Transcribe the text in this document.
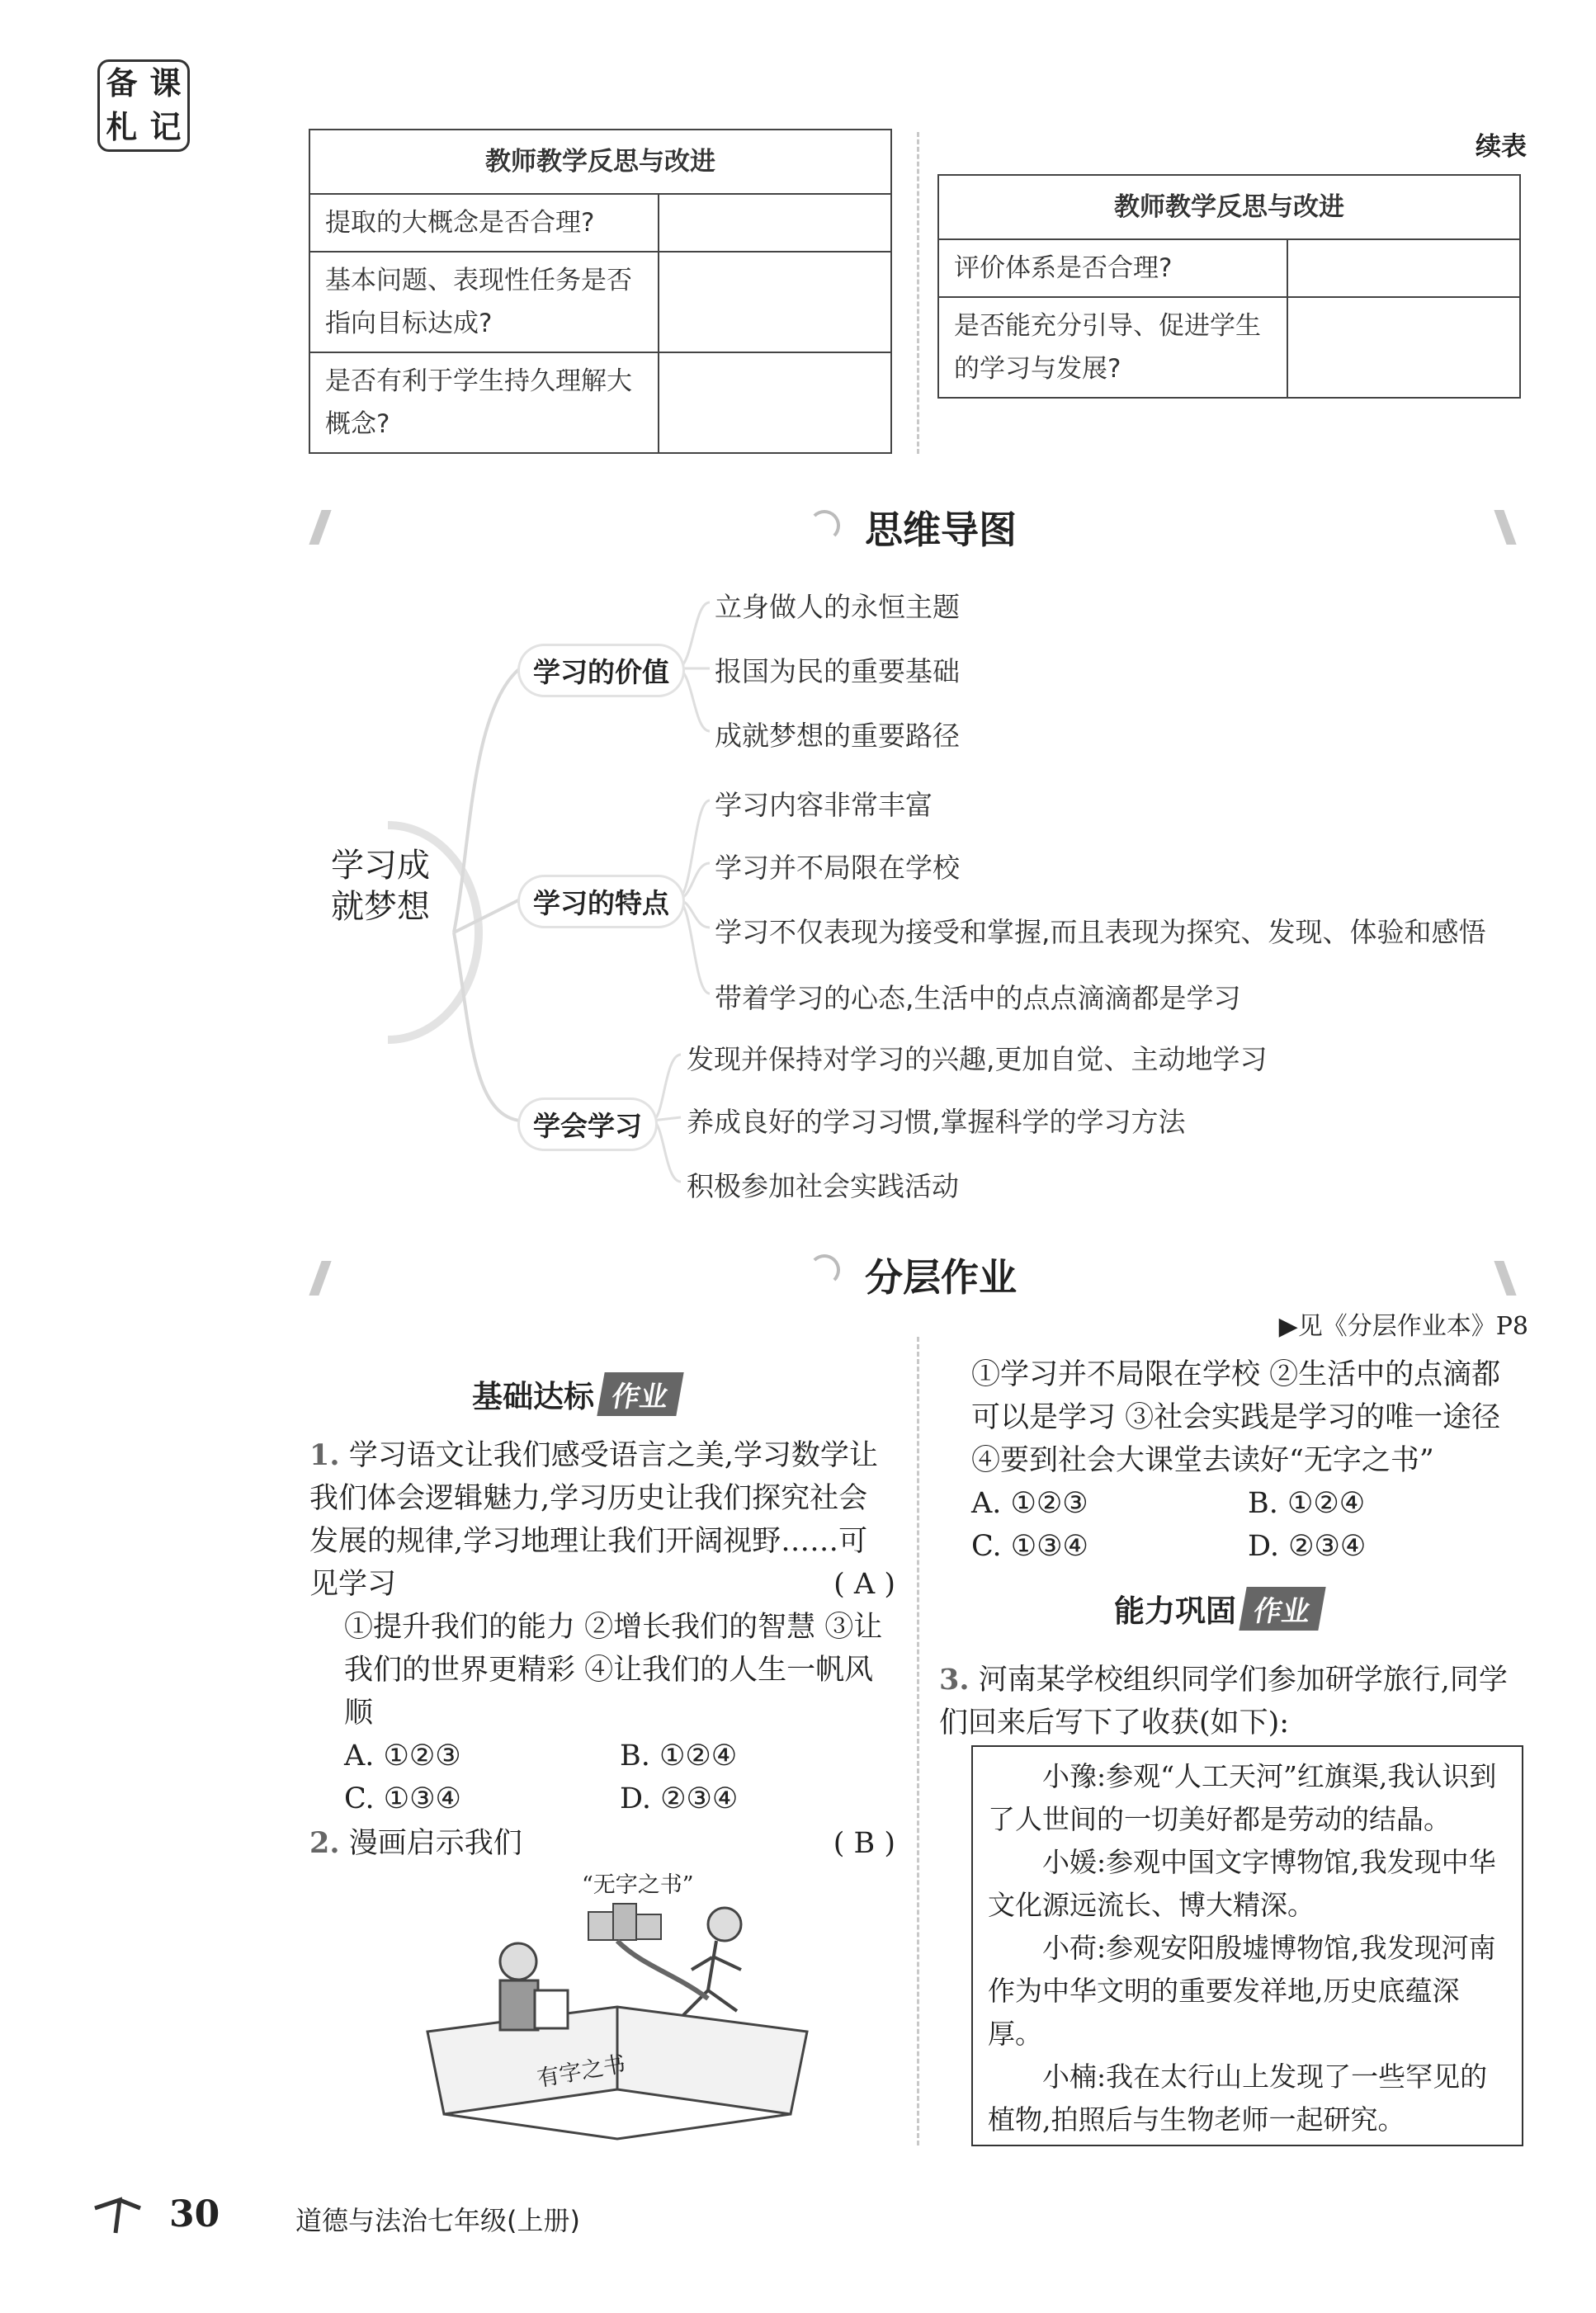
备 课
札 记
教师教学反思与改进	
提取的大概念是否合理?	
基本问题、表现性任务是否指向目标达成?	
是否有利于学生持久理解大概念?	
续表
教师教学反思与改进	
评价体系是否合理?	
是否能充分引导、促进学生的学习与发展?	
思维导图
学习成就梦想
学习的价值
立身做人的永恒主题
报国为民的重要基础
成就梦想的重要路径
学习的特点
学习内容非常丰富
学习并不局限在学校
学习不仅表现为接受和掌握,而且表现为探究、发现、体验和感悟
带着学习的心态,生活中的点点滴滴都是学习
学会学习
发现并保持对学习的兴趣,更加自觉、主动地学习
养成良好的学习习惯,掌握科学的学习方法
积极参加社会实践活动
分层作业
▶见《分层作业本》P8
基础达标 作业
1. 学习语文让我们感受语言之美,学习数学让我们体会逻辑魅力,学习历史让我们探究社会发展的规律,学习地理让我们开阔视野……可见学习	( A )
①提升我们的能力 ②增长我们的智慧 ③让我们的世界更精彩 ④让我们的人生一帆风顺
A. ①②③	B. ①②④
C. ①③④	D. ②③④
2. 漫画启示我们	( B )
“无字之书”
有字之书
①学习并不局限在学校 ②生活中的点滴都可以是学习 ③社会实践是学习的唯一途径 ④要到社会大课堂去读好“无字之书”
A. ①②③	B. ①②④
C. ①③④	D. ②③④
能力巩固 作业
3. 河南某学校组织同学们参加研学旅行,同学们回来后写下了收获(如下):

小豫:参观“人工天河”红旗渠,我认识到了人世间的一切美好都是劳动的结晶。

小媛:参观中国文字博物馆,我发现中华文化源远流长、博大精深。

小荷:参观安阳殷墟博物馆,我发现河南作为中华文明的重要发祥地,历史底蕴深厚。

小楠:我在太行山上发现了一些罕见的植物,拍照后与生物老师一起研究。

30	道德与法治七年级(上册)
